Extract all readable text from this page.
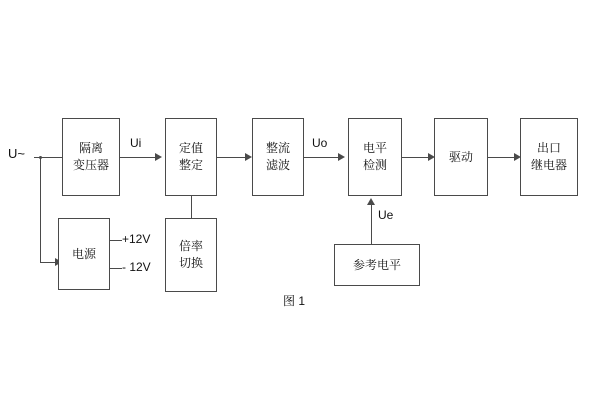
U~	隔离
变压器
电源
Ui	定值
整定
倍率
切换
+12V
- 12V
整流
滤波
Uo	电平
检测
参考电平
Ue
驱动
出口
继电器
图 1
